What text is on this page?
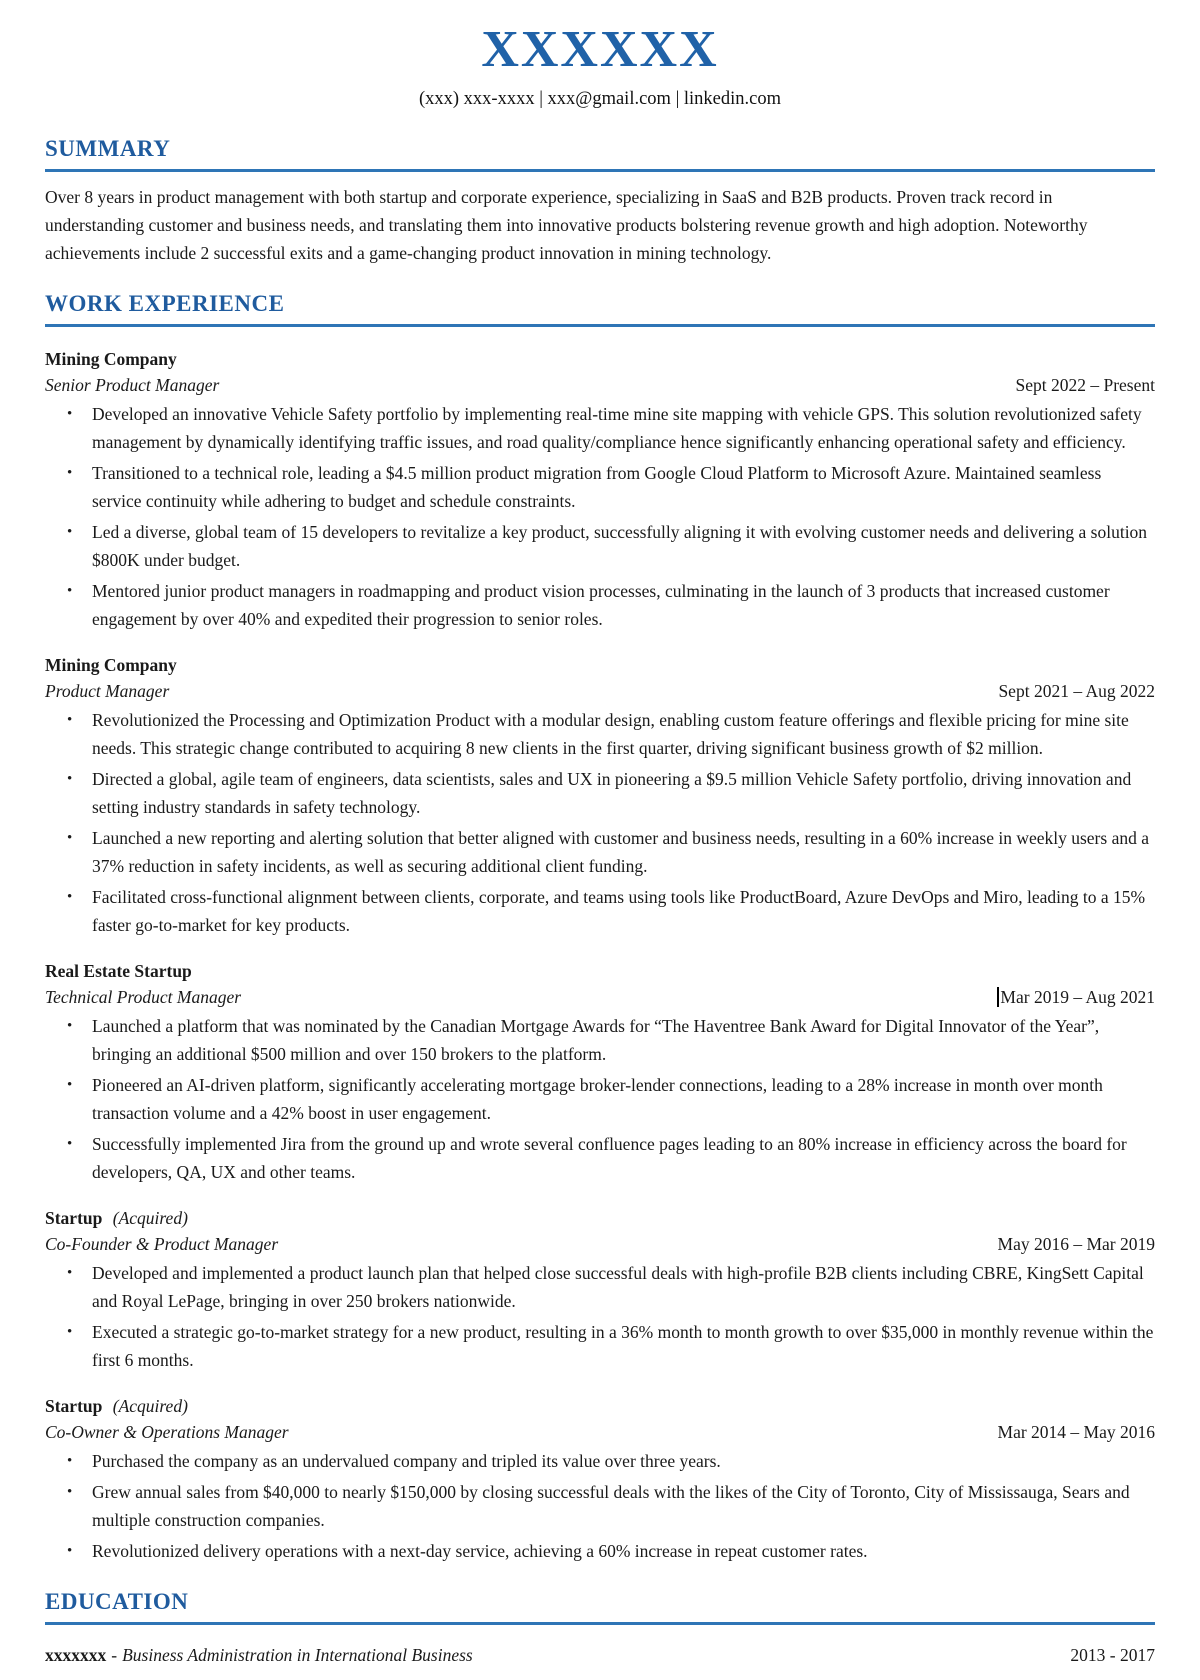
XXXXXX
(xxx) xxx-xxxx | xxx@gmail.com | linkedin.com
SUMMARY

Over 8 years in product management with both startup and corporate experience, specializing in SaaS and B2B products. Proven track record in understanding customer and business needs, and translating them into innovative products bolstering revenue growth and high adoption. Noteworthy achievements include 2 successful exits and a game-changing product innovation in mining technology.

WORK EXPERIENCE
Mining Company
Senior Product Manager	Sept 2022 – Present
• Developed an innovative Vehicle Safety portfolio by implementing real-time mine site mapping with vehicle GPS. This solution revolutionized safety management by dynamically identifying traffic issues, and road quality/compliance hence significantly enhancing operational safety and efficiency.
• Transitioned to a technical role, leading a $4.5 million product migration from Google Cloud Platform to Microsoft Azure. Maintained seamless service continuity while adhering to budget and schedule constraints.
• Led a diverse, global team of 15 developers to revitalize a key product, successfully aligning it with evolving customer needs and delivering a solution $800K under budget.
• Mentored junior product managers in roadmapping and product vision processes, culminating in the launch of 3 products that increased customer engagement by over 40% and expedited their progression to senior roles.
Mining Company
Product Manager	Sept 2021 – Aug 2022
• Revolutionized the Processing and Optimization Product with a modular design, enabling custom feature offerings and flexible pricing for mine site needs. This strategic change contributed to acquiring 8 new clients in the first quarter, driving significant business growth of $2 million.
• Directed a global, agile team of engineers, data scientists, sales and UX in pioneering a $9.5 million Vehicle Safety portfolio, driving innovation and setting industry standards in safety technology.
• Launched a new reporting and alerting solution that better aligned with customer and business needs, resulting in a 60% increase in weekly users and a 37% reduction in safety incidents, as well as securing additional client funding.
• Facilitated cross-functional alignment between clients, corporate, and teams using tools like ProductBoard, Azure DevOps and Miro, leading to a 15% faster go-to-market for key products.
Real Estate Startup
Technical Product Manager	Mar 2019 – Aug 2021
• Launched a platform that was nominated by the Canadian Mortgage Awards for “The Haventree Bank Award for Digital Innovator of the Year”, bringing an additional $500 million and over 150 brokers to the platform.
• Pioneered an AI-driven platform, significantly accelerating mortgage broker-lender connections, leading to a 28% increase in month over month transaction volume and a 42% boost in user engagement.
• Successfully implemented Jira from the ground up and wrote several confluence pages leading to an 80% increase in efficiency across the board for developers, QA, UX and other teams.
Startup (Acquired)
Co-Founder & Product Manager	May 2016 – Mar 2019
• Developed and implemented a product launch plan that helped close successful deals with high-profile B2B clients including CBRE, KingSett Capital and Royal LePage, bringing in over 250 brokers nationwide.
• Executed a strategic go-to-market strategy for a new product, resulting in a 36% month to month growth to over $35,000 in monthly revenue within the first 6 months.
Startup (Acquired)
Co-Owner & Operations Manager	Mar 2014 – May 2016
• Purchased the company as an undervalued company and tripled its value over three years.
• Grew annual sales from $40,000 to nearly $150,000 by closing successful deals with the likes of the City of Toronto, City of Mississauga, Sears and multiple construction companies.
• Revolutionized delivery operations with a next-day service, achieving a 60% increase in repeat customer rates.
EDUCATION
xxxxxxx - Business Administration in International Business	2013 - 2017
